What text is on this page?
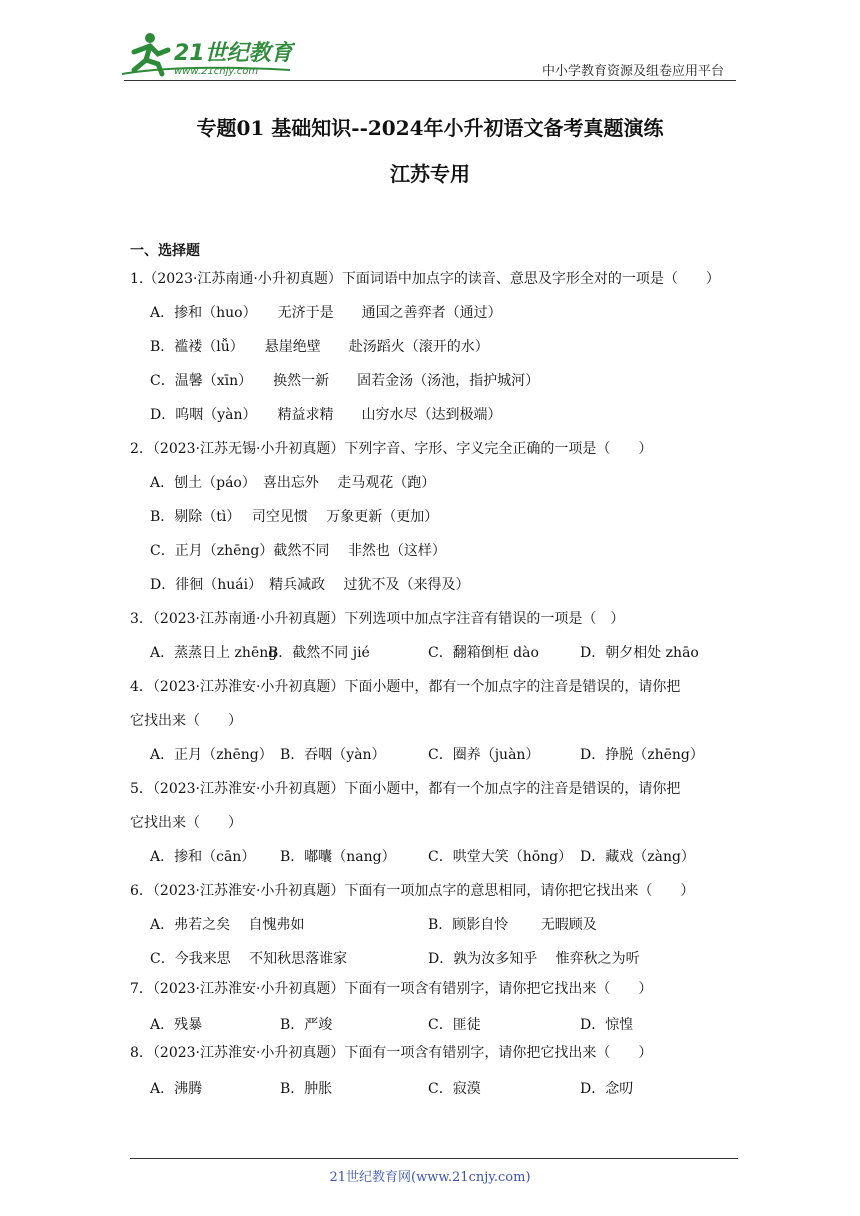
21世纪教育
www.21cnjy.com	中小学教育资源及组卷应用平台
专题01 基础知识--2024年小升初语文备考真题演练
江苏专用
一、选择题
1.（2023·江苏南通·小升初真题）下面词语中加点字的读音、意思及字形全对的一项是（　　）
A．掺和（huo）　　无济于是　　通国之善弈者（通过）
B．褴褛（lǚ）　　悬崖绝壁　　赴汤蹈火（滚开的水）
C．温馨（xīn）　　换然一新　　固若金汤（汤池，指护城河）
D．呜咽（yàn）　　精益求精　　山穷水尽（达到极端）
2．（2023·江苏无锡·小升初真题）下列字音、字形、字义完全正确的一项是（　　）
A．刨土（páo）　喜出忘外　 走马观花（跑）
B．剔除（tì）　 司空见惯　 万象更新（更加）
C．正月（zhēng）截然不同　 非然也（这样）
D．徘徊（huái）　精兵减政　 过犹不及（来得及）
3．（2023·江苏南通·小升初真题）下列选项中加点字注音有错误的一项是（　）
A．蒸蒸日上 zhēng
B．截然不同 jié	C．翻箱倒柜 dào	D．朝夕相处 zhāo
4．（2023·江苏淮安·小升初真题）下面小题中，都有一个加点字的注音是错误的，请你把
它找出来（　　）
A．正月（zhēng） B．吞咽（yàn）	C．圈养（juàn）	D．挣脱（zhēng）
5．（2023·江苏淮安·小升初真题）下面小题中，都有一个加点字的注音是错误的，请你把
它找出来（　　）
A．掺和（cān） B．嘟囔（nang） C．哄堂大笑（hōng） D．藏戏（zàng）
6．（2023·江苏淮安·小升初真题）下面有一项加点字的意思相同，请你把它找出来（　　）
A．弗若之矣　 自愧弗如	B．顾影自怜　　 无暇顾及
C．今我来思　 不知秋思落谁家	D．孰为汝多知乎　 惟弈秋之为听
7．（2023·江苏淮安·小升初真题）下面有一项含有错别字，请你把它找出来（　　）
A．残暴	B．严竣	C．匪徒	D．惊惶
8．（2023·江苏淮安·小升初真题）下面有一项含有错别字，请你把它找出来（　　）
A．沸腾	B．肿胀	C．寂漠	D．念叨
21世纪教育网(www.21cnjy.com)
